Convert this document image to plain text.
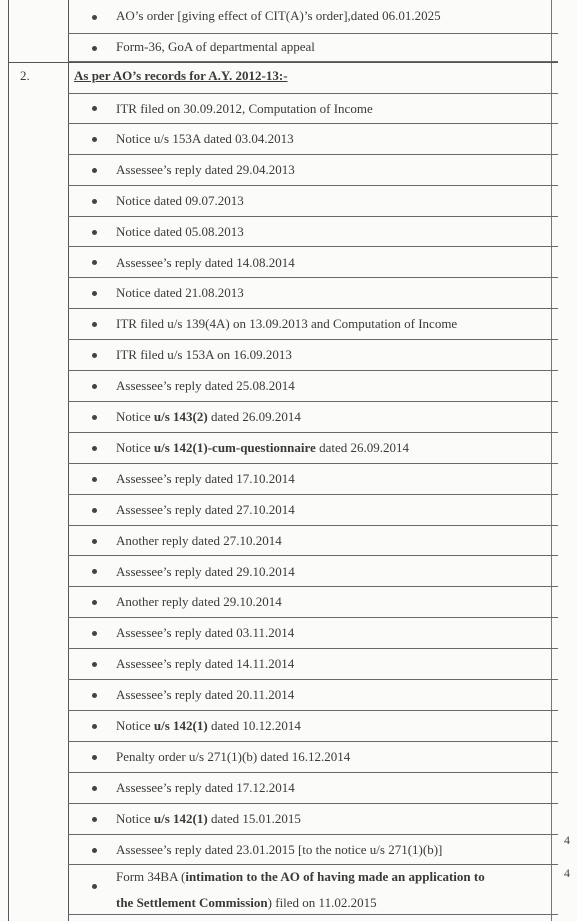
AO’s order [giving effect of CIT(A)’s order],dated 06.01.2025
Form-36, GoA of departmental appeal
2.	As per AO’s records for A.Y. 2012-13:-
ITR filed on 30.09.2012, Computation of Income
Notice u/s 153A dated 03.04.2013
Assessee’s reply dated 29.04.2013
Notice dated 09.07.2013
Notice dated 05.08.2013
Assessee’s reply dated 14.08.2014
Notice dated 21.08.2013
ITR filed u/s 139(4A) on 13.09.2013 and Computation of Income
ITR filed u/s 153A on 16.09.2013
Assessee’s reply dated 25.08.2014
Notice u/s 143(2) dated 26.09.2014
Notice u/s 142(1)-cum-questionnaire dated 26.09.2014
Assessee’s reply dated 17.10.2014
Assessee’s reply dated 27.10.2014
Another reply dated 27.10.2014
Assessee’s reply dated 29.10.2014
Another reply dated 29.10.2014
Assessee’s reply dated 03.11.2014
Assessee’s reply dated 14.11.2014
Assessee’s reply dated 20.11.2014
Notice u/s 142(1) dated 10.12.2014
Penalty order u/s 271(1)(b) dated 16.12.2014
Assessee’s reply dated 17.12.2014
Notice u/s 142(1) dated 15.01.2015
Assessee’s reply dated 23.01.2015 [to the notice u/s 271(1)(b)]
Form 34BA (intimation to the AO of having made an application to
the Settlement Commission) filed on 11.02.2015
4
4
